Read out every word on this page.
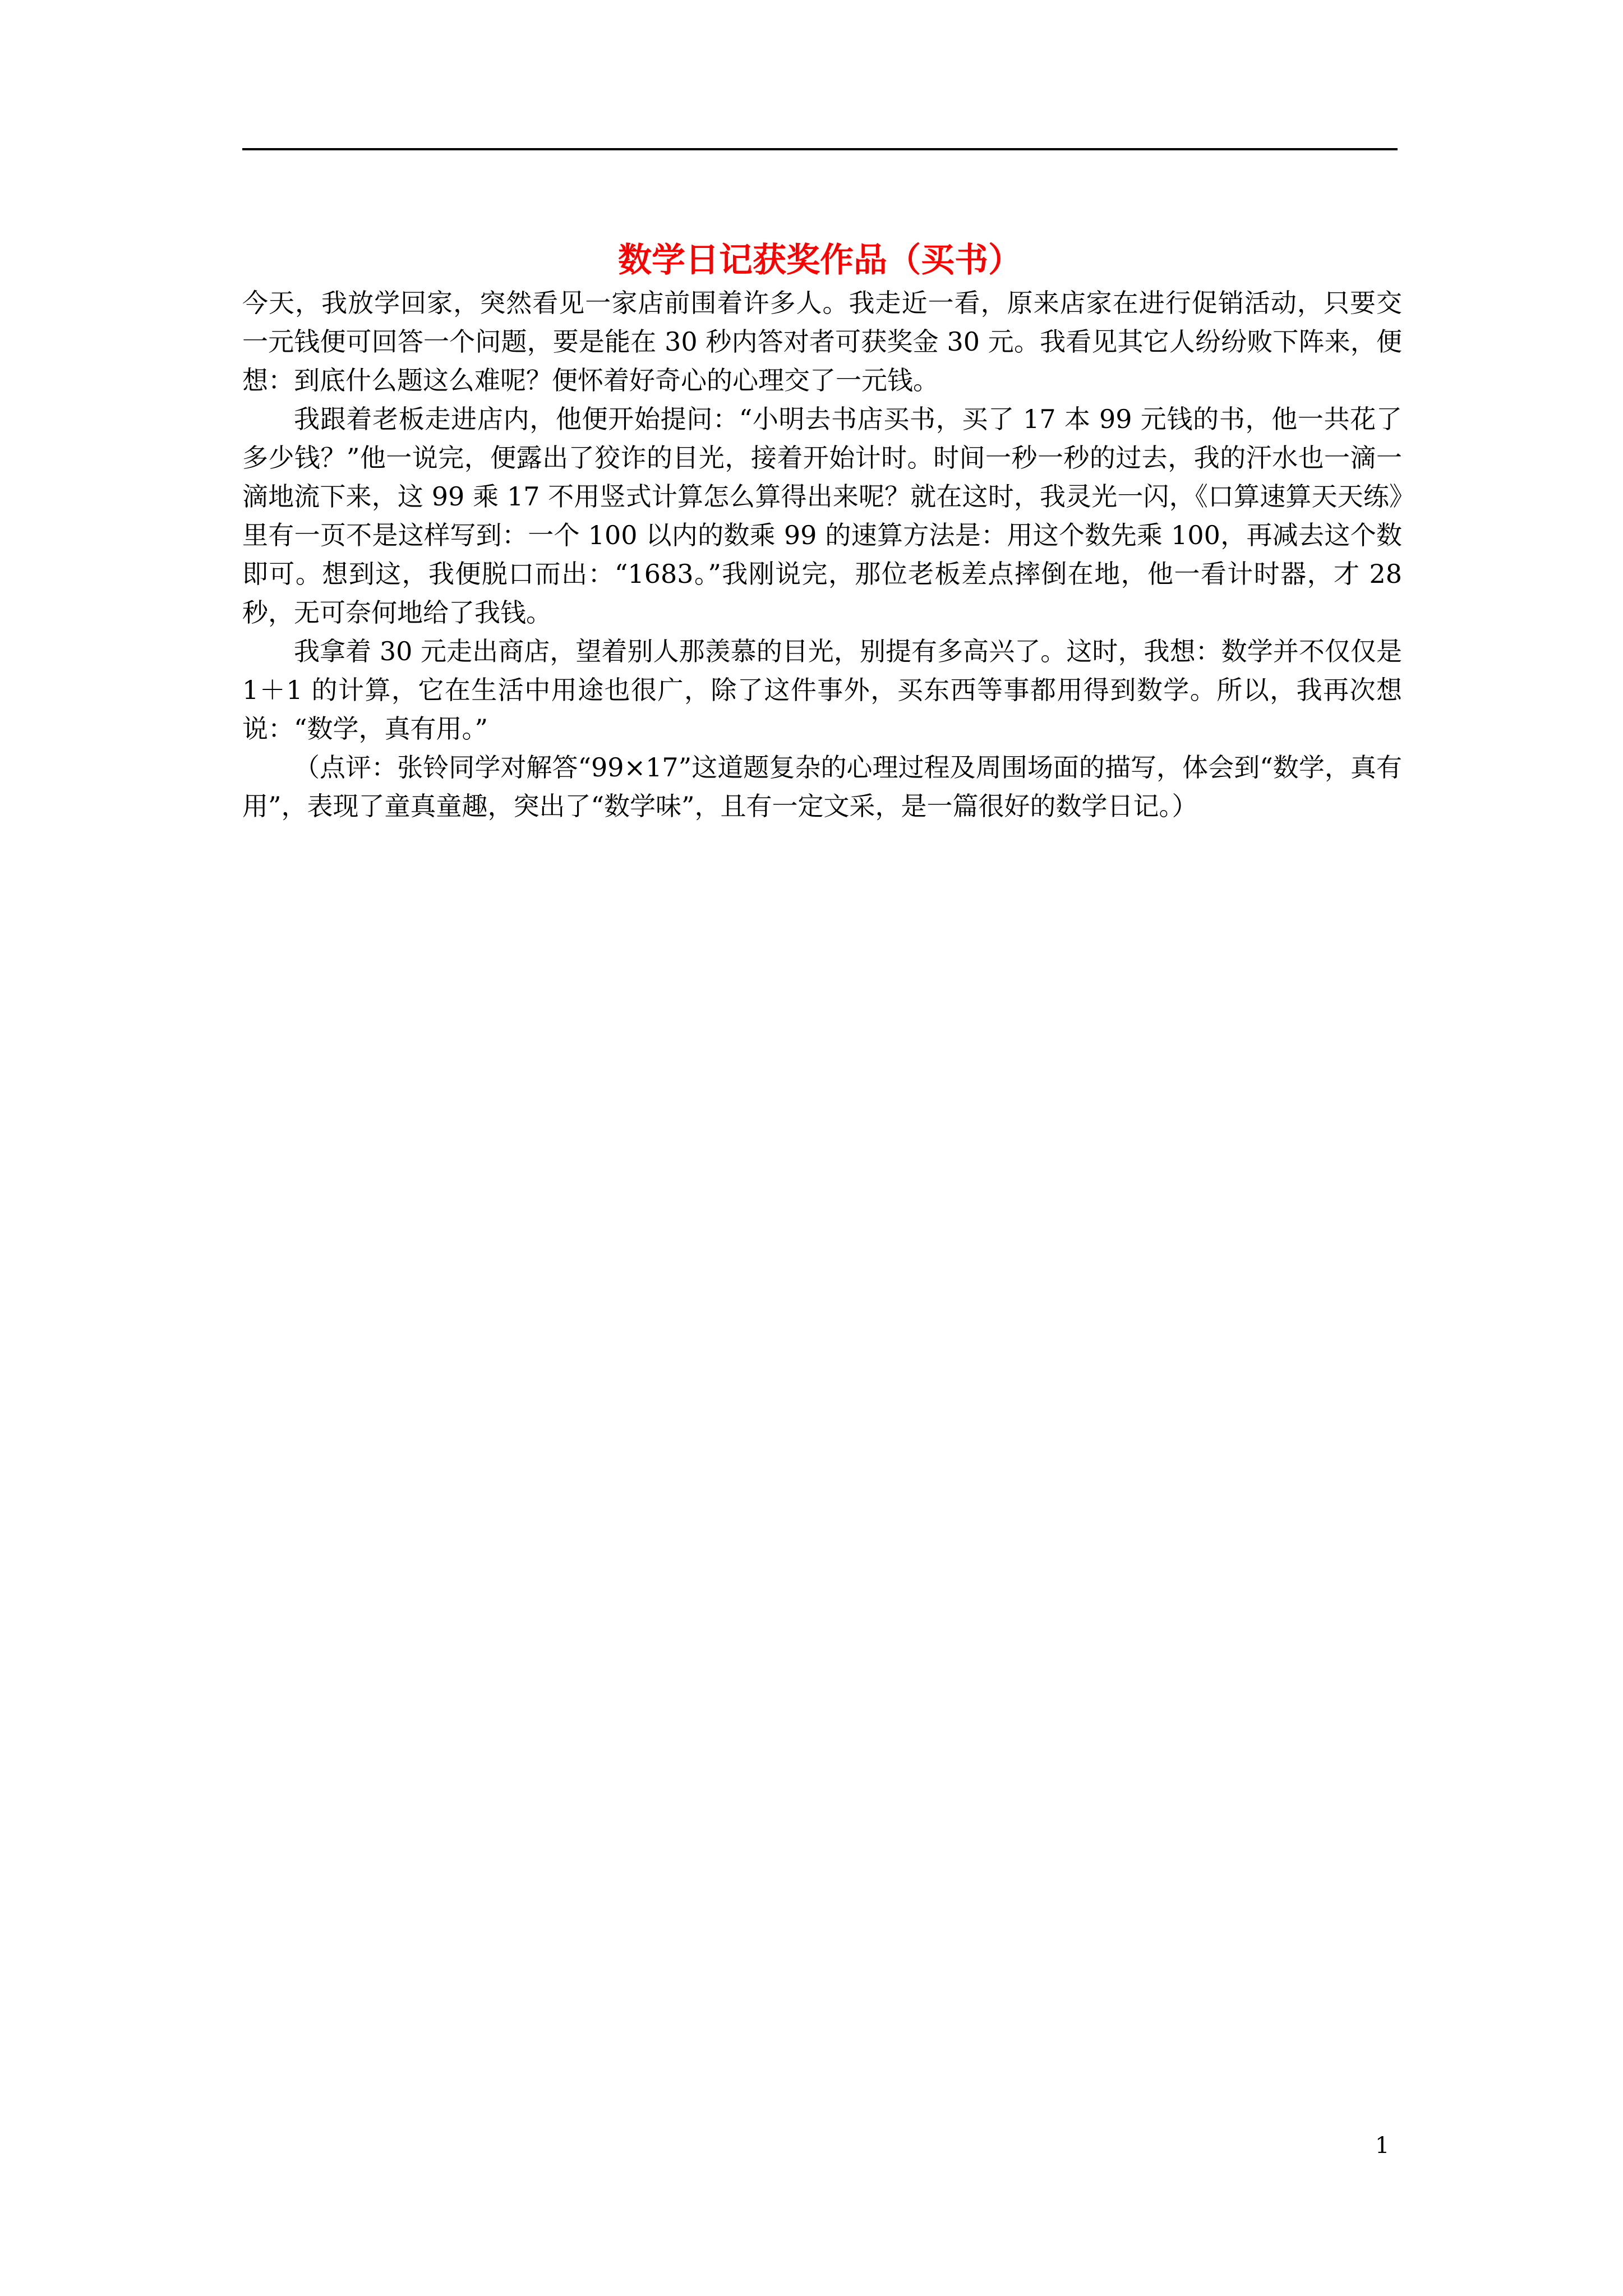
数学日记获奖作品（买书）

今天，我放学回家，突然看见一家店前围着许多人。我走近一看，原来店家在进行促销活动，只要交一元钱便可回答一个问题，要是能在 30 秒内答对者可获奖金 30 元。我看见其它人纷纷败下阵来，便想：到底什么题这么难呢？便怀着好奇心的心理交了一元钱。

我跟着老板走进店内，他便开始提问：“小明去书店买书，买了 17 本 99 元钱的书，他一共花了多少钱？”他一说完，便露出了狡诈的目光，接着开始计时。时间一秒一秒的过去，我的汗水也一滴一滴地流下来，这 99 乘 17 不用竖式计算怎么算得出来呢？就在这时，我灵光一闪，《口算速算天天练》里有一页不是这样写到：一个 100 以内的数乘 99 的速算方法是：用这个数先乘 100，再减去这个数即可。想到这，我便脱口而出：“1683。”我刚说完，那位老板差点摔倒在地，他一看计时器，才 28 秒，无可奈何地给了我钱。

我拿着 30 元走出商店，望着别人那羡慕的目光，别提有多高兴了。这时，我想：数学并不仅仅是 1＋1 的计算，它在生活中用途也很广，除了这件事外，买东西等事都用得到数学。所以，我再次想说：“数学，真有用。”

（点评：张铃同学对解答“99×17”这道题复杂的心理过程及周围场面的描写，体会到“数学，真有用”，表现了童真童趣，突出了“数学味”，且有一定文采，是一篇很好的数学日记。）

1
